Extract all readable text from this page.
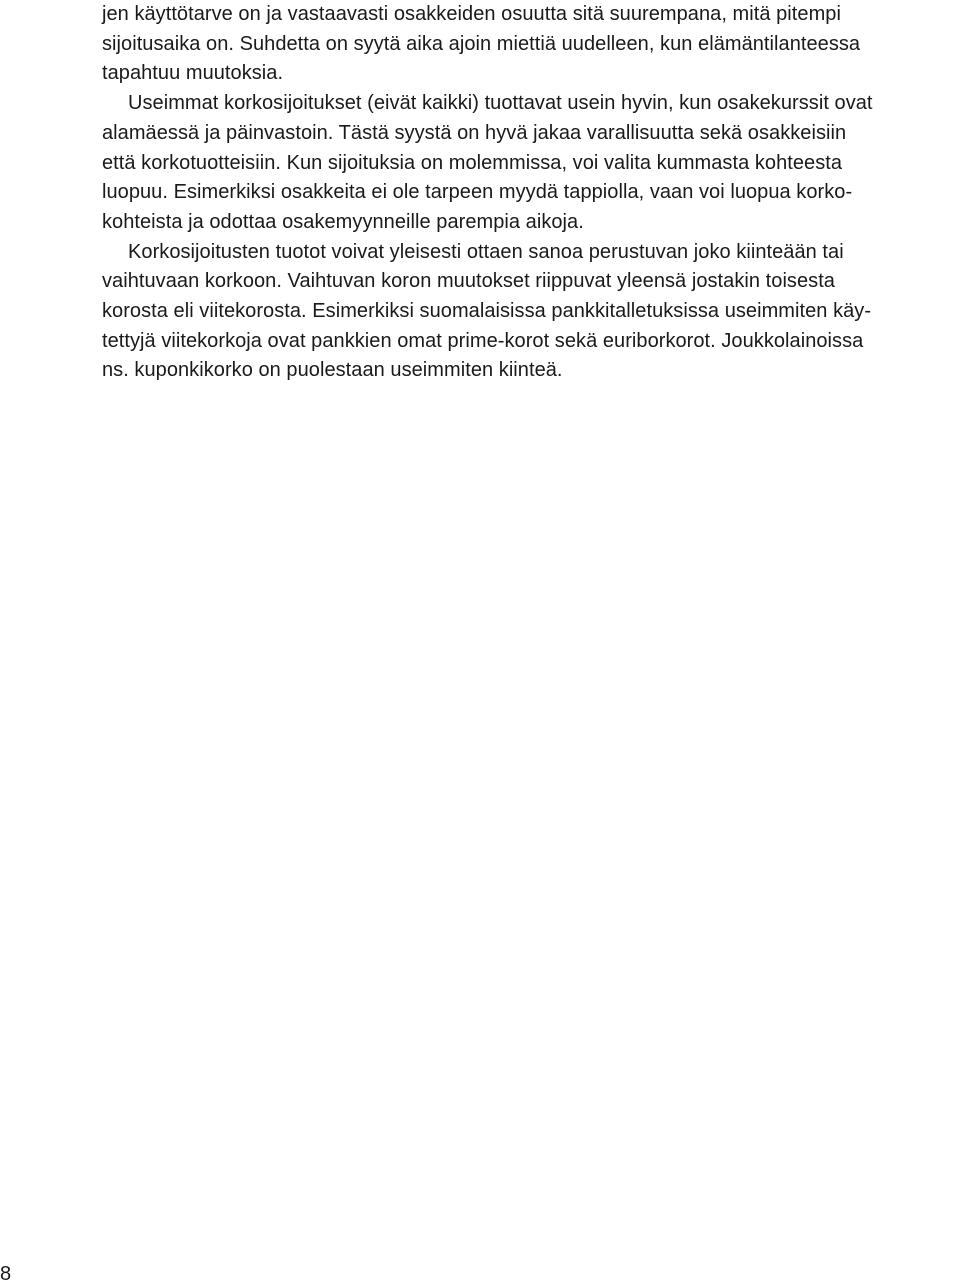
jen käyttötarve on ja vastaavasti osakkeiden osuutta sitä suurempana, mitä pitempi
sijoitusaika on. Suhdetta on syytä aika ajoin miettiä uudelleen, kun elämäntilanteessa
tapahtuu muutoksia.
Useimmat korkosijoitukset (eivät kaikki) tuottavat usein hyvin, kun osakekurssit ovat
alamäessä ja päinvastoin. Tästä syystä on hyvä jakaa varallisuutta sekä osakkeisiin
että korkotuotteisiin. Kun sijoituksia on molemmissa, voi valita kummasta kohteesta
luopuu. Esimerkiksi osakkeita ei ole tarpeen myydä tappiolla, vaan voi luopua korko-
kohteista ja odottaa osakemyynneille parempia aikoja.
Korkosijoitusten tuotot voivat yleisesti ottaen sanoa perustuvan joko kiinteään tai
vaihtuvaan korkoon. Vaihtuvan koron muutokset riippuvat yleensä jostakin toisesta
korosta eli viitekorosta. Esimerkiksi suomalaisissa pankkitalletuksissa useimmiten käy-
tettyjä viitekorkoja ovat pankkien omat prime-korot sekä euriborkorot. Joukkolainoissa
ns. kuponkikorko on puolestaan useimmiten kiinteä.
8
